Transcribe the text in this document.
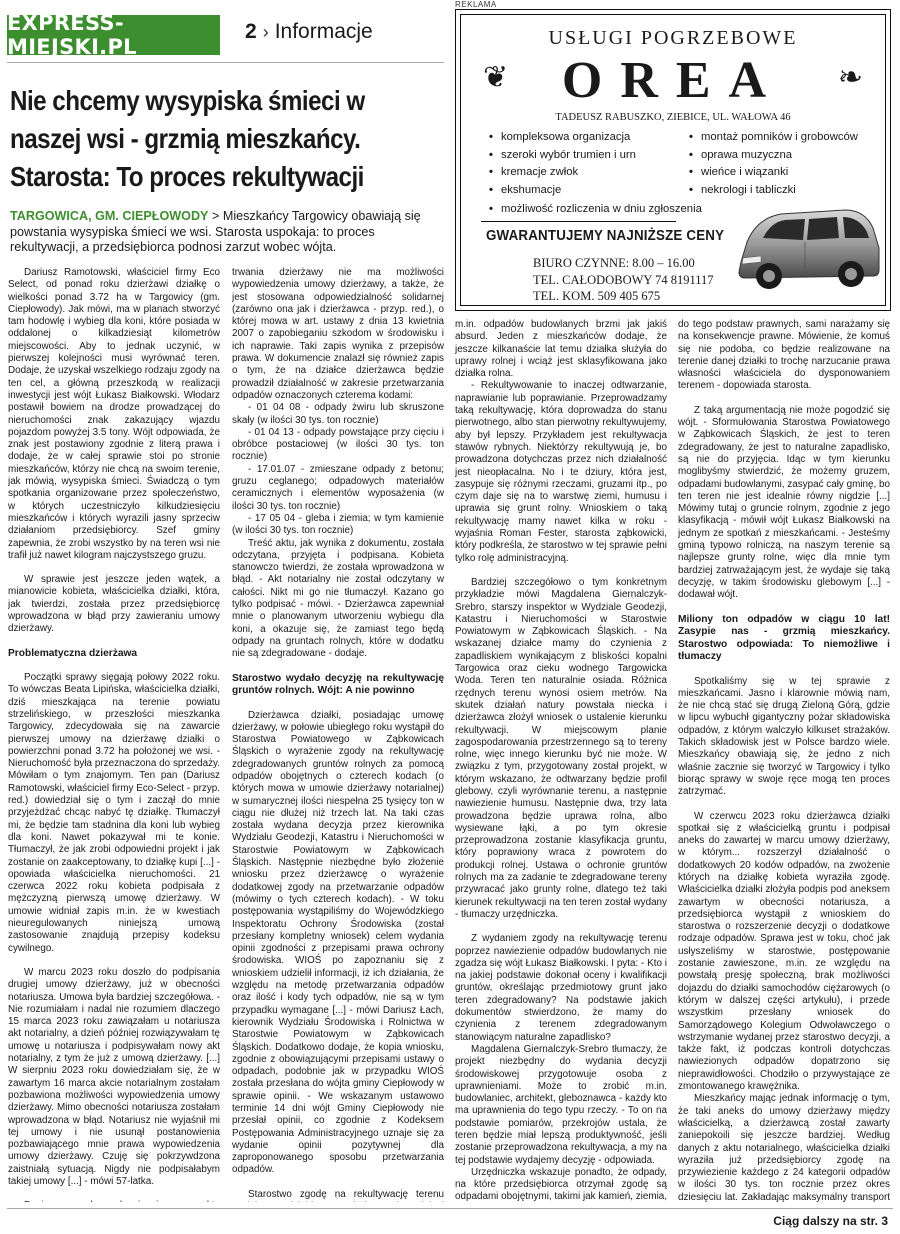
EXPRESS-MIEJSKI.PL
2 › Informacje
Nie chcemy wysypiska śmieci w naszej wsi - grzmią mieszkańcy. Starosta: To proces rekultywacji
TARGOWICA, GM. CIEPŁOWODY > Mieszkańcy Targowicy obawiają się powstania wysypiska śmieci we wsi. Starosta uspokaja: to proces rekultywacji, a przedsiębiorca podnosi zarzut wobec wójta.
REKLAMA
USŁUGI POGRZEBOWE
❦	OREA	❧
TADEUSZ RABUSZKO, ZIEBICE, UL. WAŁOWA 46
• kompleksowa organizacja
• szeroki wybór trumien i urn
• kremacje zwłok
• ekshumacje
• montaż pomników i grobowców
• oprawa muzyczna
• wieńce i wiązanki
• nekrologi i tabliczki
• możliwość rozliczenia w dniu zgłoszenia
GWARANTUJEMY NAJNIŻSZE CENY
BIURO CZYNNE: 8.00 – 16.00
TEL. CAŁODOBOWY 74 8191117
TEL. KOM. 509 405 675

Dariusz Ramotowski, właściciel firmy Eco Select, od ponad roku dzierżawi działkę o wielkości ponad 3.72 ha w Targowicy (gm. Ciepłowody). Jak mówi, ma w planach stworzyć tam hodowlę i wybieg dla koni, które posiada w oddalonej o kilkadziesiąt kilometrów miejscowości. Aby to jednak uczynić, w pierwszej kolejności musi wyrównać teren. Dodaje, że uzyskał wszelkiego rodzaju zgody na ten cel, a główną przeszkodą w realizacji inwestycji jest wójt Łukasz Białkowski. Włodarz postawił bowiem na drodze prowadzącej do nieruchomości znak zakazujący wjazdu pojazdom powyżej 3.5 tony. Wójt odpowiada, że znak jest postawiony zgodnie z literą prawa i dodaje, że w całej sprawie stoi po stronie mieszkańców, którzy nie chcą na swoim terenie, jak mówią, wysypiska śmieci. Świadczą o tym spotkania organizowane przez społeczeństwo, w których uczestniczyło kilkudziesięciu mieszkańców i których wyrazili jasny sprzeciw działaniom przedsiębiorcy. Szef gminy zapewnia, że zrobi wszystko by na teren wsi nie trafił już nawet kilogram najczystszego gruzu.

W sprawie jest jeszcze jeden wątek, a mianowicie kobieta, właścicielka działki, która, jak twierdzi, została przez przedsiębiorcę wprowadzona w błąd przy zawieraniu umowy dzierżawy.

Problematyczna dzierżawa

Początki sprawy sięgają połowy 2022 roku. To wówczas Beata Lipińska, właścicielka działki, dziś mieszkająca na terenie powiatu strzelińskiego, w przeszłości mieszkanka Targowicy, zdecydowała się na zawarcie pierwszej umowy na dzierżawę działki o powierzchni ponad 3.72 ha położonej we wsi. - Nieruchomość była przeznaczona do sprzedaży. Mówiłam o tym znajomym. Ten pan (Dariusz Ramotowski, właściciel firmy Eco-Select - przyp. red.) dowiedział się o tym i zaczął do mnie przyjeżdżać chcąc nabyć tę działkę. Tłumaczył mi, że będzie tam stadnina dla koni lub wybieg dla koni. Nawet pokazywał mi te konie. Tłumaczył, że jak zrobi odpowiedni projekt i jak zostanie on zaakceptowany, to działkę kupi [...] - opowiada właścicielka nieruchomości. 21 czerwca 2022 roku kobieta podpisała z mężczyzną pierwszą umowę dzierżawy. W umowie widniał zapis m.in. że w kwestiach nieuregulowanych niniejszą umową zastosowanie znajdują przepisy kodeksu cywilnego.

W marcu 2023 roku doszło do podpisania drugiej umowy dzierżawy, już w obecności notariusza. Umowa była bardziej szczegółowa. - Nie rozumiałam i nadal nie rozumiem dlaczego 15 marca 2023 roku zawiązałam u notariusza akt notarialny, a dzień później rozwiązywałam tę umowę u notariusza i podpisywałam nowy akt notarialny, z tym że już z umową dzierżawy. [...] W sierpniu 2023 roku dowiedziałam się, że w zawartym 16 marca akcie notarialnym zostałam pozbawiona możliwości wypowiedzenia umowy dzierżawy. Mimo obecności notariusza zostałam wprowadzona w błąd. Notariusz nie wyjaśnił mi tej umowy i nie usunął postanowienia pozbawiającego mnie prawa wypowiedzenia umowy dzierżawy. Czuję się pokrzywdzona zaistniałą sytuacją. Nigdy nie podpisałabym takiej umowy [...] - mówi 57-latka.

trwania dzierżawy nie ma możliwości wypowiedzenia umowy dzierżawy, a także, że jest stosowana odpowiedzialność solidarnej (zarówno ona jak i dzierżawca - przyp. red.), o której mowa w art. ustawy z dnia 13 kwietnia 2007 o zapobieganiu szkodom w środowisku i ich naprawie. Taki zapis wynika z przepisów prawa. W dokumencie znalazł się również zapis o tym, że na działce dzierżawca będzie prowadził działalność w zakresie przetwarzania odpadów oznaczonych czterema kodami:

- 01 04 08 - odpady żwiru lub skruszone skały (w ilości 30 tys. ton rocznie)

- 01 04 13 - odpady powstające przy cięciu i obróbce postaciowej (w ilości 30 tys. ton rocznie)

- 17.01.07 - zmieszane odpady z betonu; gruzu ceglanego; odpadowych materiałów ceramicznych i elementów wyposażenia (w ilości 30 tys. ton rocznie)

- 17 05 04 - gleba i ziemia; w tym kamienie (w ilości 30 tys. ton rocznie)

Treść aktu, jak wynika z dokumentu, została odczytana, przyjęta i podpisana. Kobieta stanowczo twierdzi, że została wprowadzona w błąd. - Akt notarialny nie został odczytany w całości. Nikt mi go nie tłumaczył. Kazano go tylko podpisać - mówi. - Dzierżawca zapewniał mnie o planowanym utworzeniu wybiegu dla koni, a okazuje się, że zamiast tego będą odpady na gruntach rolnych, które w dodatku nie są zdegradowane - dodaje.

Starostwo wydało decyzję na rekultywację gruntów rolnych. Wójt: A nie powinno

Dzierżawca działki, posiadając umowę dzierżawy, w połowie ubiegłego roku wystąpił do Starostwa Powiatowego w Ząbkowicach Śląskich o wyrażenie zgody na rekultywację zdegradowanych gruntów rolnych za pomocą odpadów obojętnych o czterech kodach (o których mowa w umowie dzierżawy notarialnej) w sumarycznej ilości niespełna 25 tysięcy ton w ciągu nie dłużej niż trzech lat. Na taki czas została wydana decyzja przez kierownika Wydziału Geodezji, Katastru i Nieruchomości w Starostwie Powiatowym w Ząbkowicach Śląskich. Następnie niezbędne było złożenie wniosku przez dzierżawcę o wyrażenie dodatkowej zgody na przetwarzanie odpadów (mówimy o tych czterech kodach). - W toku postępowania wystąpiliśmy do Wojewódzkiego Inspektoratu Ochrony Środowiska (został przesłany kompletny wniosek) celem wydania opinii zgodności z przepisami prawa ochrony środowiska. WIOŚ po zapoznaniu się z wnioskiem udzielił informacji, iż ich działania, że względu na metodę przetwarzania odpadów oraz ilość i kody tych odpadów, nie są w tym przypadku wymagane [...] - mówi Dariusz Łach, kierownik Wydziału Środowiska i Rolnictwa w Starostwie Powiatowym w Ząbkowicach Śląskich. Dodatkowo dodaje, że kopia wniosku, zgodnie z obowiązującymi przepisami ustawy o odpadach, podobnie jak w przypadku WIOŚ została przesłana do wójta gminy Ciepłowody w sprawie opinii. - We wskazanym ustawowo terminie 14 dni wójt Gminy Ciepłowody nie przesłał opinii, co zgodnie z Kodeksem Postępowania Administracyjnego uznaje się za wydanie opinii pozytywnej dla zaproponowanego sposobu przetwarzania odpadów.

Starostwo zgodę na rekultywację terenu

m.in. odpadów budowlanych brzmi jak jakiś absurd. Jeden z mieszkańców dodaje, że jeszcze kilkanaście lat temu działka służyła do uprawy rolnej i wciąż jest sklasyfikowana jako działka rolna.

- Rekultywowanie to inaczej odtwarzanie, naprawianie lub poprawianie. Przeprowadzamy taką rekultywację, która doprowadza do stanu pierwotnego, albo stan pierwotny rekultywujemy, aby był lepszy. Przykładem jest rekultywacja stawów rybnych. Niektórzy rekultywują je, bo prowadzona dotychczas przez nich działalność jest nieopłacalna. No i te dziury, która jest, zasypuje się różnymi rzeczami, gruzami itp., po czym daje się na to warstwę ziemi, humusu i uprawia się grunt rolny. Wnioskiem o taką rekultywację mamy nawet kilka w roku - wyjaśnia Roman Fester, starosta ząbkowicki, który podkreśla, że starostwo w tej sprawie pełni tylko rolę administracyjną.

Bardziej szczegółowo o tym konkretnym przykładzie mówi Magdalena Giernalczyk-Srebro, starszy inspektor w Wydziale Geodezji, Katastru i Nieruchomości w Starostwie Powiatowym w Ząbkowicach Śląskich. - Na wskazanej działce mamy do czynienia z zapadliskiem wynikającym z bliskości kopalni Targowica oraz cieku wodnego Targowicka Woda. Teren ten naturalnie osiada. Różnica rzędnych terenu wynosi osiem metrów. Na skutek działań natury powstała niecka i dzierżawca złożył wniosek o ustalenie kierunku rekultywacji. W miejscowym planie zagospodarowania przestrzennego są to tereny rolne, więc innego kierunku być nie może. W związku z tym, przygotowany został projekt, w którym wskazano, że odtwarzany będzie profil glebowy, czyli wyrównanie terenu, a następnie nawiezienie humusu. Następnie dwa, trzy lata prowadzona będzie uprawa rolna, albo wysiewane łąki, a po tym okresie przeprowadzona zostanie klasyfikacja gruntu, który poprawiony wraca z powrotem do produkcji rolnej. Ustawa o ochronie gruntów rolnych ma za zadanie te zdegradowane tereny przywracać jako grunty rolne, dlatego też taki kierunek rekultywacji na ten teren został wydany - tłumaczy urzędniczka.

Z wydaniem zgody na rekultywację terenu poprzez nawiezienie odpadów budowlanych nie zgadza się wójt Łukasz Białkowski. I pyta: - Kto i na jakiej podstawie dokonał oceny i kwalifikacji gruntów, określając przedmiotowy grunt jako teren zdegradowany? Na podstawie jakich dokumentów stwierdzono, że mamy do czynienia z terenem zdegradowanym stanowiącym naturalne zapadlisko?

Magdalena Giernalczyk-Srebro tłumaczy, że projekt niezbędny do wydania decyzji środowiskowej przygotowuje osoba z uprawnieniami. Może to zrobić m.in. budowlaniec, architekt, gleboznawca - każdy kto ma uprawnienia do tego typu rzeczy. - To on na podstawie pomiarów, przekrojów ustala, że teren będzie miał lepszą produktywność, jeśli zostanie przeprowadzona rekultywacja, a my na tej podstawie wydajemy decyzję - odpowiada.

Urzędniczka wskazuje ponadto, że odpady, na które przedsiębiorca otrzymał zgodę są odpadami obojętnymi, takimi jak kamień, ziemia,

do tego podstaw prawnych, sami narażamy się na konsekwencje prawne. Mówienie, że komuś się nie podoba, co będzie realizowane na terenie danej działki to trochę narzucanie prawa własności właściciela do dysponowaniem terenem - dopowiada starosta.

Z taką argumentacją nie może pogodzić się wójt. - Sformułowania Starostwa Powiatowego w Ząbkowicach Śląskich, że jest to teren zdegradowany, że jest to naturalne zapadlisko, są nie do przyjęcia. Idąc w tym kierunku moglibyśmy stwierdzić, że możemy gruzem, odpadami budowlanymi, zasypać cały gminę, bo ten teren nie jest idealnie równy nigdzie [...] Mówimy tutaj o gruncie rolnym, zgodnie z jego klasyfikacją - mówił wójt Łukasz Białkowski na jednym ze spotkań z mieszkańcami. - Jesteśmy gminą typowo rolniczą, na naszym terenie są najlepsze grunty rolne, więc dla mnie tym bardziej zatrważającym jest, że wydaje się taką decyzję, w takim środowisku glebowym [...] - dodawał wójt.

Miliony ton odpadów w ciągu 10 lat! Zasypie nas - grzmią mieszkańcy. Starostwo odpowiada: To niemożliwe i tłumaczy

Spotkaliśmy się w tej sprawie z mieszkańcami. Jasno i klarownie mówią nam, że nie chcą stać się drugą Zieloną Górą, gdzie w lipcu wybuchł gigantyczny pożar składowiska odpadów, z którym walczyło kilkuset strażaków. Takich składowisk jest w Polsce bardzo wiele. Mieszkańcy obawiają się, że jedno z nich właśnie zacznie się tworzyć w Targowicy i tylko biorąc sprawy w swoje ręce mogą ten proces zatrzymać.

W czerwcu 2023 roku dzierżawca działki spotkał się z właścicielką gruntu i podpisał aneks do zawartej w marcu umowy dzierżawy, w którym... rozszerzył działalność o dodatkowych 20 kodów odpadów, na zwożenie których na działkę kobieta wyraziła zgodę. Właścicielka działki złożyła podpis pod aneksem zawartym w obecności notariusza, a przedsiębiorca wystąpił z wnioskiem do starostwa o rozszerzenie decyzji o dodatkowe rodzaje odpadów. Sprawa jest w toku, choć jak usłyszeliśmy w starostwie, postępowanie zostanie zawieszone, m.in. ze względu na powstałą presję społeczną, brak możliwości dojazdu do działki samochodów ciężarowych (o którym w dalszej części artykułu), i przede wszystkim przesłany wniosek do Samorządowego Kolegium Odwoławczego o wstrzymanie wydanej przez starostwo decyzji, a także fakt, iż podczas kontroli dotychczas nawiezionych odpadów dopatrzono się nieprawidłowości. Chodziło o przywystające ze zmontowanego krawężnika.

Mieszkańcy mając jednak informację o tym, że taki aneks do umowy dzierżawy między właścicielką, a dzierżawcą został zawarty zaniepokoili się jeszcze bardziej. Według danych z aktu notarialnego, właścicielka działki wyraziła już przedsiębiorcy zgodę na przywiezienie każdego z 24 kategorii odpadów w ilości 30 tys. ton rocznie przez okres dziesięciu lat. Zakładając maksymalny transport

Ciąg dalszy na str. 3
